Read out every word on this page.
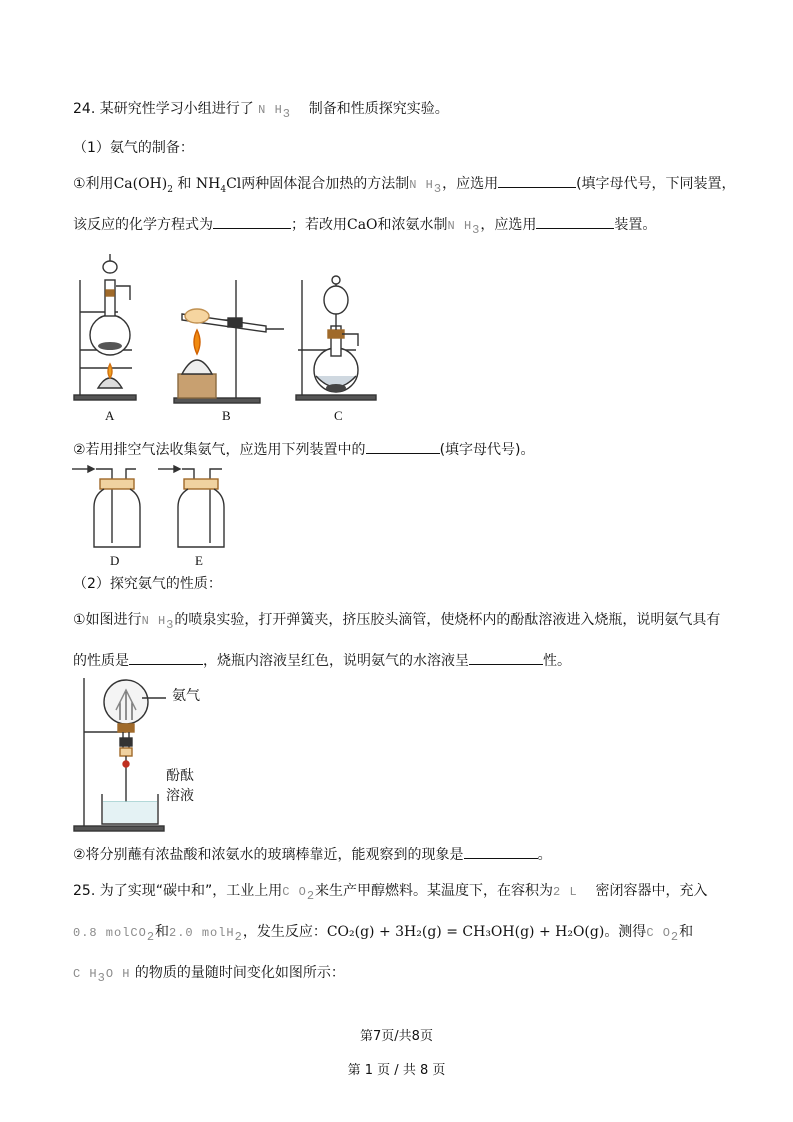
24. 某研究性学习小组进行了 N $H_3$ 制备和性质探究实验。
（1）氨气的制备：
①利用$Ca(OH)_2$ 和 $NH_4Cl$两种固体混合加热的方法制N $H_3$，应选用	(填字母代号，下同装置，
该反应的化学方程式为	；若改用CaO和浓氨水制N $H_3$，应选用	装置。
A	B	C
②若用排空气法收集氨气，应选用下列装置中的	(填字母代号)。
D	E
（2）探究氨气的性质：
①如图进行N $H_3$的喷泉实验，打开弹簧夹，挤压胶头滴管，使烧杯内的酚酞溶液进入烧瓶，说明氨气具有
的性质是	，烧瓶内溶液呈红色，说明氨气的水溶液呈	性。
氨气
酚酞
溶液
②将分别蘸有浓盐酸和浓氨水的玻璃棒靠近，能观察到的现象是	。
25. 为了实现“碳中和”，工业上用C $O_2$来生产甲醇燃料。某温度下，在容积为2 L 密闭容器中，充入
0.8 molCO$_2$和2.0 molH$_2$，发生反应：CO₂(g) + 3H₂(g) = CH₃OH(g) + H₂O(g)。测得C $O_2$和
C $H_3O$ H 的物质的量随时间变化如图所示：
第7页/共8页
第 1 页 / 共 8 页
